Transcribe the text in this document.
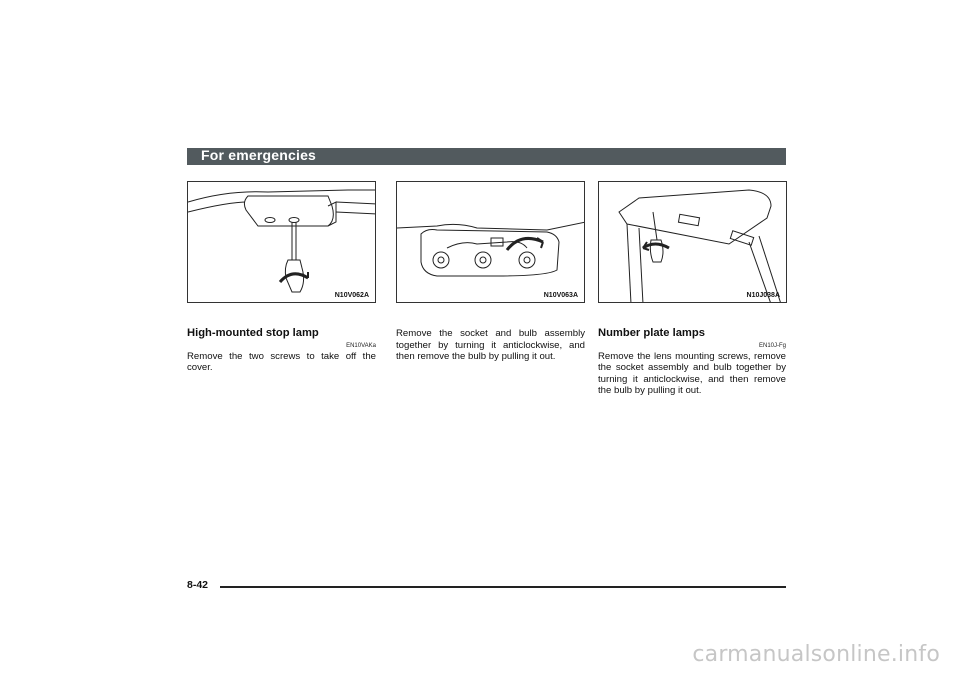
For emergencies
N10V062A	N10V063A	N10J038A
High-mounted stop lamp
EN10VAKa

Remove the two screws to take off the cover.

Remove the socket and bulb assembly together by turning it anticlockwise, and then remove the bulb by pulling it out.

Number plate lamps
EN10J-Fg

Remove the lens mounting screws, remove the socket assembly and bulb together by turning it anticlockwise, and then remove the bulb by pulling it out.

8-42
carmanualsonline.info
